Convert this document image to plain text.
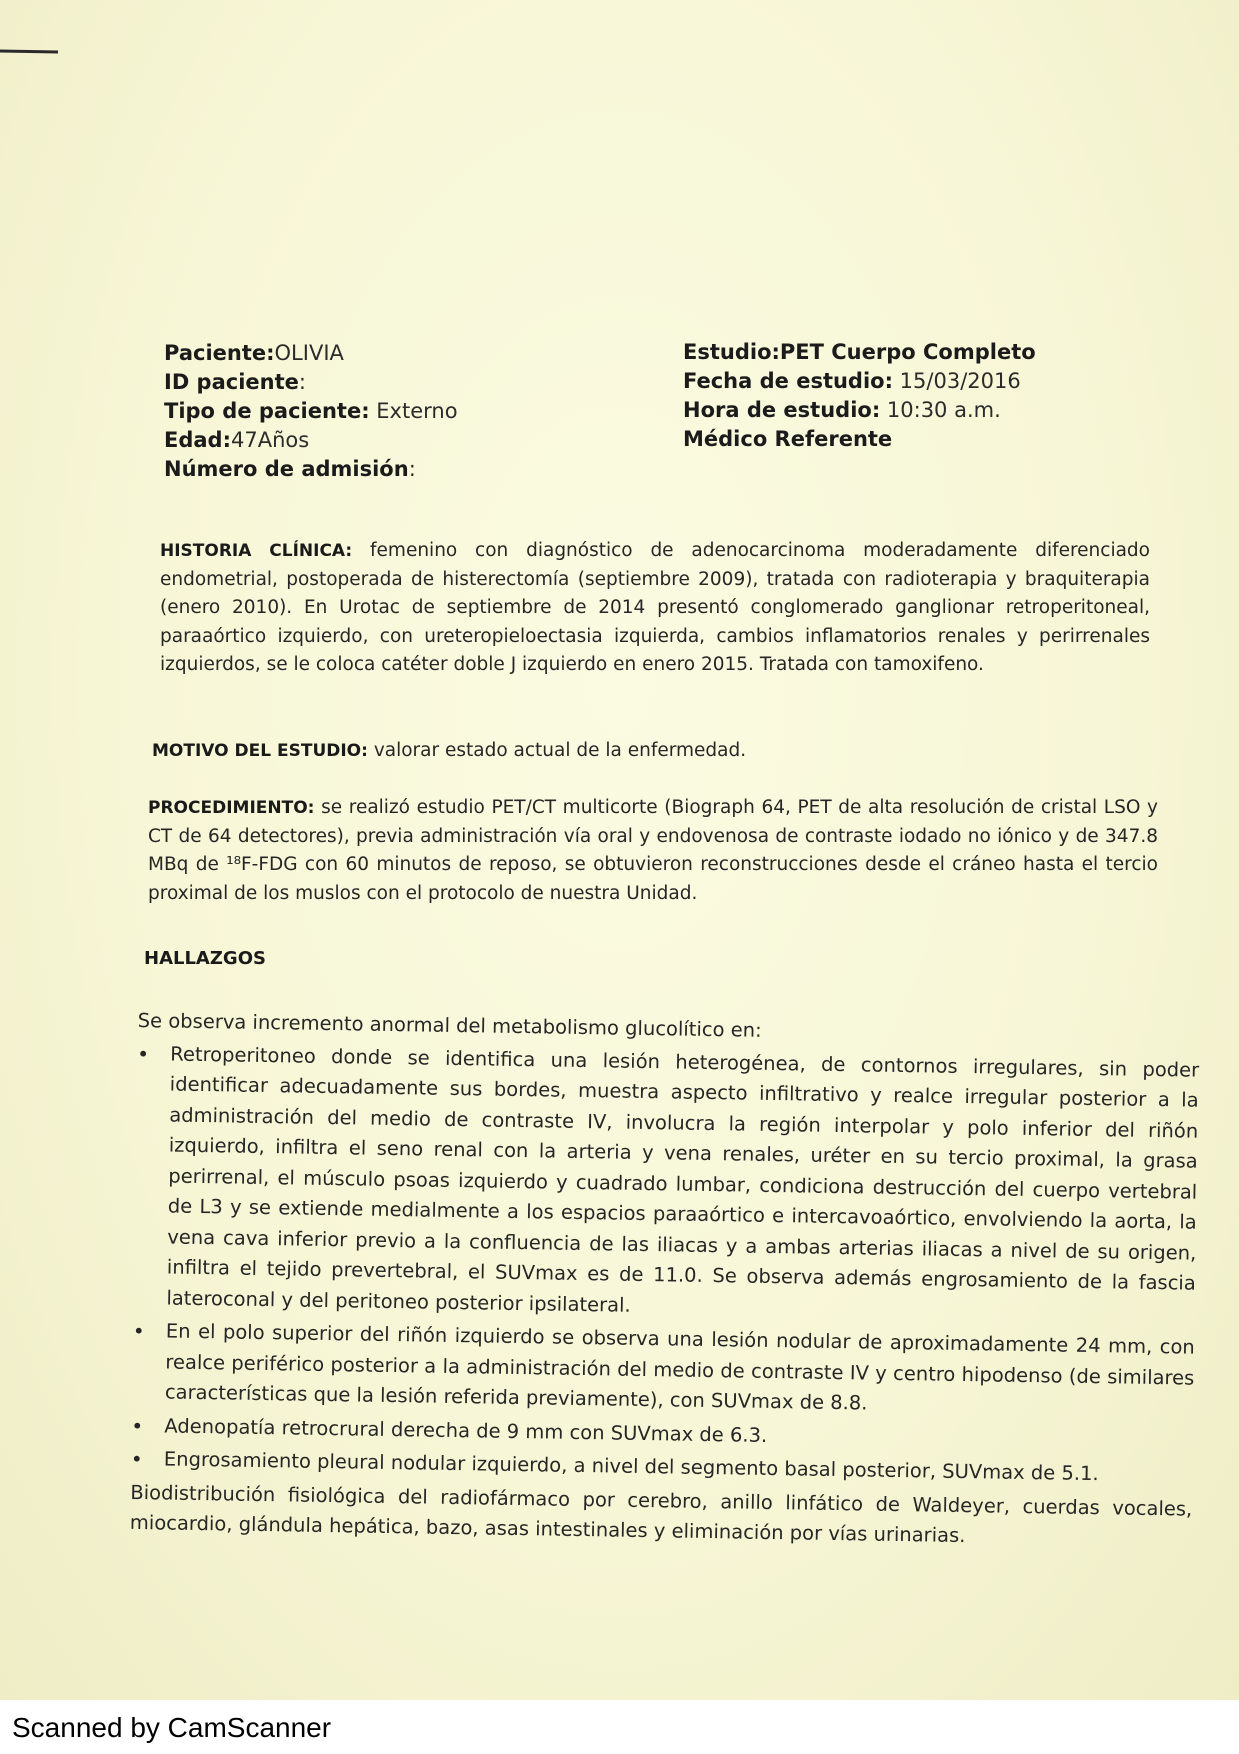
Paciente:OLIVIA
ID paciente:
Tipo de paciente: Externo
Edad:47Años
Número de admisión:
Estudio:PET Cuerpo Completo
Fecha de estudio: 15/03/2016
Hora de estudio: 10:30 a.m.
Médico Referente
HISTORIA CLÍNICA: femenino con diagnóstico de adenocarcinoma moderadamente diferenciado endometrial, postoperada de histerectomía (septiembre 2009), tratada con radioterapia y braquiterapia (enero 2010). En Urotac de septiembre de 2014 presentó conglomerado ganglionar retroperitoneal, paraaórtico izquierdo, con ureteropieloectasia izquierda, cambios inflamatorios renales y perirrenales izquierdos, se le coloca catéter doble J izquierdo en enero 2015. Tratada con tamoxifeno.
MOTIVO DEL ESTUDIO: valorar estado actual de la enfermedad.
PROCEDIMIENTO: se realizó estudio PET/CT multicorte (Biograph 64, PET de alta resolución de cristal LSO y CT de 64 detectores), previa administración vía oral y endovenosa de contraste iodado no iónico y de 347.8 MBq de ¹⁸F-FDG con 60 minutos de reposo, se obtuvieron reconstrucciones desde el cráneo hasta el tercio proximal de los muslos con el protocolo de nuestra Unidad.
HALLAZGOS

Se observa incremento anormal del metabolismo glucolítico en:

• Retroperitoneo donde se identifica una lesión heterogénea, de contornos irregulares, sin poder identificar adecuadamente sus bordes, muestra aspecto infiltrativo y realce irregular posterior a la administración del medio de contraste IV, involucra la región interpolar y polo inferior del riñón izquierdo, infiltra el seno renal con la arteria y vena renales, uréter en su tercio proximal, la grasa perirrenal, el músculo psoas izquierdo y cuadrado lumbar, condiciona destrucción del cuerpo vertebral de L3 y se extiende medialmente a los espacios paraaórtico e intercavoaórtico, envolviendo la aorta, la vena cava inferior previo a la confluencia de las iliacas y a ambas arterias iliacas a nivel de su origen, infiltra el tejido prevertebral, el SUVmax es de 11.0. Se observa además engrosamiento de la fascia lateroconal y del peritoneo posterior ipsilateral.
• En el polo superior del riñón izquierdo se observa una lesión nodular de aproximadamente 24 mm, con realce periférico posterior a la administración del medio de contraste IV y centro hipodenso (de similares características que la lesión referida previamente), con SUVmax de 8.8.
• Adenopatía retrocrural derecha de 9 mm con SUVmax de 6.3.
• Engrosamiento pleural nodular izquierdo, a nivel del segmento basal posterior, SUVmax de 5.1.

Biodistribución fisiológica del radiofármaco por cerebro, anillo linfático de Waldeyer, cuerdas vocales, miocardio, glándula hepática, bazo, asas intestinales y eliminación por vías urinarias.

Scanned by CamScanner
